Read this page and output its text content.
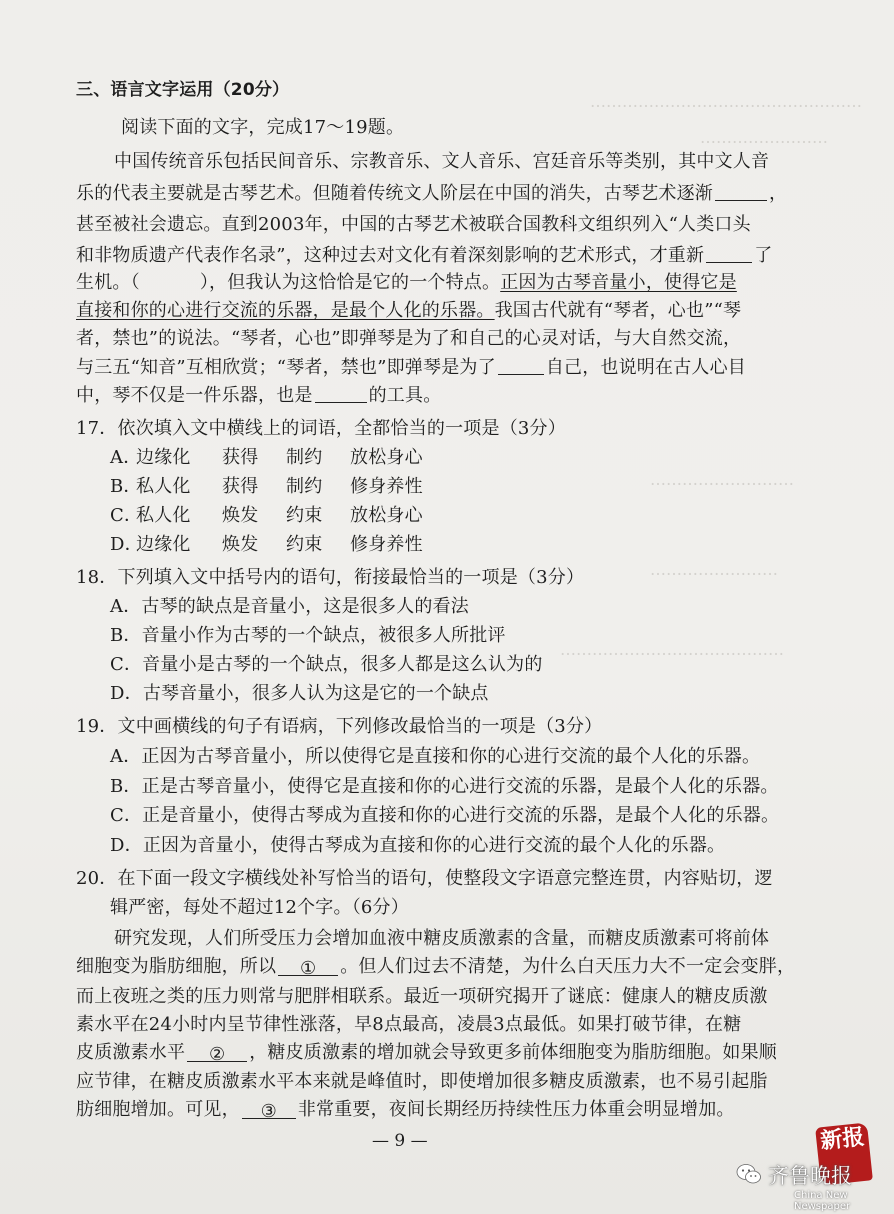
……………………………………………
……………………
………………………
……………………
……………………………………
三、语言文字运用（20分）
阅读下面的文字，完成17～19题。
中国传统音乐包括民间音乐、宗教音乐、文人音乐、宫廷音乐等类别，其中文人音
乐的代表主要就是古琴艺术。但随着传统文人阶层在中国的消失，古琴艺术逐渐	，
甚至被社会遗忘。直到2003年，中国的古琴艺术被联合国教科文组织列入“人类口头
和非物质遗产代表作名录”，这种过去对文化有着深刻影响的艺术形式，才重新	了
生机。（	），但我认为这恰恰是它的一个特点。正因为古琴音量小，使得它是
直接和你的心进行交流的乐器，是最个人化的乐器。我国古代就有“琴者，心也”“琴
者，禁也”的说法。“琴者，心也”即弹琴是为了和自己的心灵对话，与大自然交流，
与三五“知音”互相欣赏；“琴者，禁也”即弹琴是为了	自己，也说明在古人心目
中，琴不仅是一件乐器，也是	的工具。
17．依次填入文中横线上的词语，全都恰当的一项是（3分）
A．
边缘化 获得 制约 放松身心
B．
私人化 获得 制约 修身养性
C．
私人化 焕发 约束 放松身心
D．
边缘化 焕发 约束 修身养性
18．下列填入文中括号内的语句，衔接最恰当的一项是（3分）
A．古琴的缺点是音量小，这是很多人的看法
B．音量小作为古琴的一个缺点，被很多人所批评
C．音量小是古琴的一个缺点，很多人都是这么认为的
D．古琴音量小，很多人认为这是它的一个缺点
19．文中画横线的句子有语病，下列修改最恰当的一项是（3分）
A．正因为古琴音量小，所以使得它是直接和你的心进行交流的最个人化的乐器。
B．正是古琴音量小，使得它是直接和你的心进行交流的乐器，是最个人化的乐器。
C．正是音量小，使得古琴成为直接和你的心进行交流的乐器，是最个人化的乐器。
D．正因为音量小，使得古琴成为直接和你的心进行交流的最个人化的乐器。
20．在下面一段文字横线处补写恰当的语句，使整段文字语意完整连贯，内容贴切，逻
辑严密，每处不超过12个字。（6分）
研究发现，人们所受压力会增加血液中糖皮质激素的含量，而糖皮质激素可将前体
细胞变为脂肪细胞，所以 ① 。但人们过去不清楚，为什么白天压力大不一定会变胖，
而上夜班之类的压力则常与肥胖相联系。最近一项研究揭开了谜底：健康人的糖皮质激
素水平在24小时内呈节律性涨落，早8点最高，凌晨3点最低。如果打破节律，在糖
皮质激素水平 ② ，糖皮质激素的增加就会导致更多前体细胞变为脂肪细胞。如果顺
应节律，在糖皮质激素水平本来就是峰值时，即使增加很多糖皮质激素，也不易引起脂
肪细胞增加。可见， ③ 非常重要，夜间长期经历持续性压力体重会明显增加。
— 9 —	新报
齐鲁晚报
China New Newspaper
